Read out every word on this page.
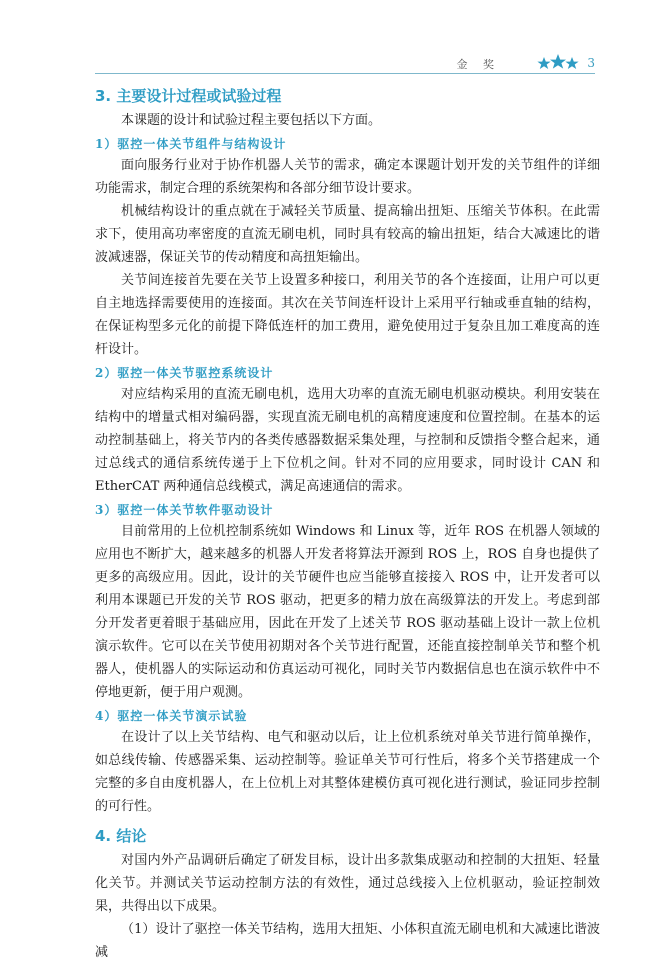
金 奖	3
3. 主要设计过程或试验过程

本课题的设计和试验过程主要包括以下方面。

1）驱控一体关节组件与结构设计

面向服务行业对于协作机器人关节的需求，确定本课题计划开发的关节组件的详细功能需求，制定合理的系统架构和各部分细节设计要求。

机械结构设计的重点就在于减轻关节质量、提高输出扭矩、压缩关节体积。在此需求下，使用高功率密度的直流无刷电机，同时具有较高的输出扭矩，结合大减速比的谐波减速器，保证关节的传动精度和高扭矩输出。

关节间连接首先要在关节上设置多种接口，利用关节的各个连接面，让用户可以更自主地选择需要使用的连接面。其次在关节间连杆设计上采用平行轴或垂直轴的结构，在保证构型多元化的前提下降低连杆的加工费用，避免使用过于复杂且加工难度高的连杆设计。

2）驱控一体关节驱控系统设计

对应结构采用的直流无刷电机，选用大功率的直流无刷电机驱动模块。利用安装在结构中的增量式相对编码器，实现直流无刷电机的高精度速度和位置控制。在基本的运动控制基础上，将关节内的各类传感器数据采集处理，与控制和反馈指令整合起来，通过总线式的通信系统传递于上下位机之间。针对不同的应用要求，同时设计 CAN 和 EtherCAT 两种通信总线模式，满足高速通信的需求。

3）驱控一体关节软件驱动设计

目前常用的上位机控制系统如 Windows 和 Linux 等，近年 ROS 在机器人领域的应用也不断扩大，越来越多的机器人开发者将算法开源到 ROS 上，ROS 自身也提供了更多的高级应用。因此，设计的关节硬件也应当能够直接接入 ROS 中，让开发者可以利用本课题已开发的关节 ROS 驱动，把更多的精力放在高级算法的开发上。考虑到部分开发者更着眼于基础应用，因此在开发了上述关节 ROS 驱动基础上设计一款上位机演示软件。它可以在关节使用初期对各个关节进行配置，还能直接控制单关节和整个机器人，使机器人的实际运动和仿真运动可视化，同时关节内数据信息也在演示软件中不停地更新，便于用户观测。

4）驱控一体关节演示试验

在设计了以上关节结构、电气和驱动以后，让上位机系统对单关节进行简单操作，如总线传输、传感器采集、运动控制等。验证单关节可行性后，将多个关节搭建成一个完整的多自由度机器人，在上位机上对其整体建模仿真可视化进行测试，验证同步控制的可行性。

4. 结论

对国内外产品调研后确定了研发目标，设计出多款集成驱动和控制的大扭矩、轻量化关节。并测试关节运动控制方法的有效性，通过总线接入上位机驱动，验证控制效果，共得出以下成果。

（1）设计了驱控一体关节结构，选用大扭矩、小体积直流无刷电机和大减速比谐波减
